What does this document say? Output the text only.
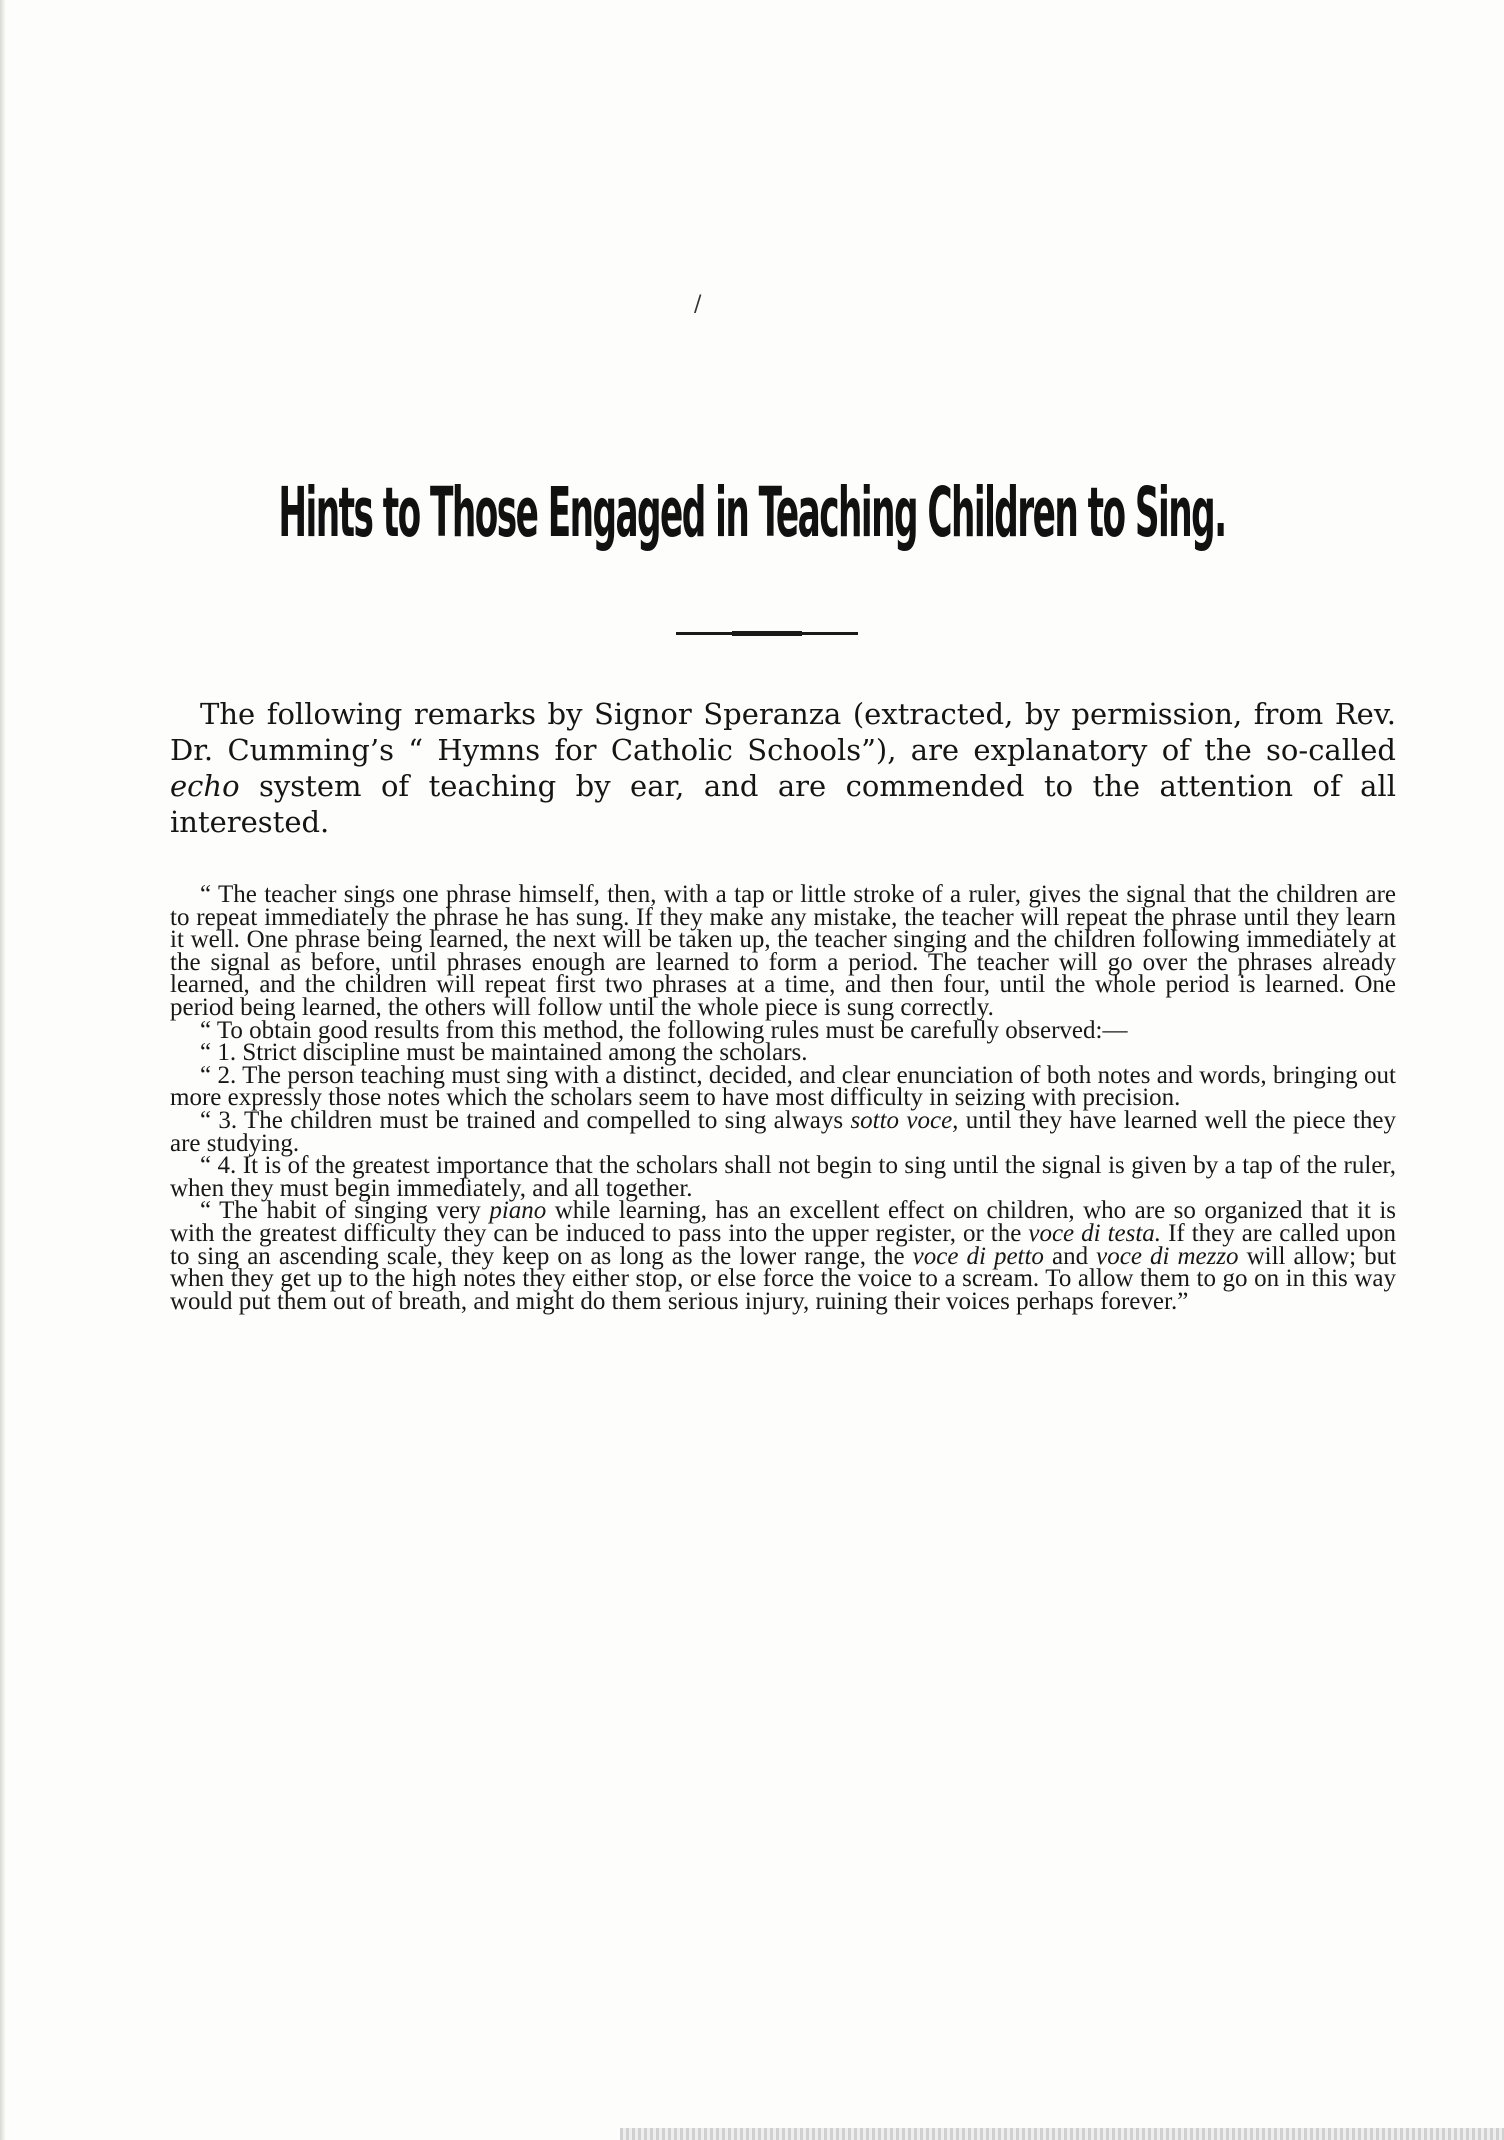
/
Hints to Those Engaged in Teaching Children to Sing.
The following remarks by Signor Speranza (extracted, by permission, from Rev. Dr. Cumming’s “ Hymns for Catholic Schools”), are explanatory of the so-called echo system of teaching by ear, and are commended to the attention of all interested.

“ The teacher sings one phrase himself, then, with a tap or little stroke of a ruler, gives the signal that the children are to repeat immediately the phrase he has sung. If they make any mistake, the teacher will repeat the phrase until they learn it well. One phrase being learned, the next will be taken up, the teacher singing and the children following immediately at the signal as before, until phrases enough are learned to form a period. The teacher will go over the phrases already learned, and the children will repeat first two phrases at a time, and then four, until the whole period is learned. One period being learned, the others will follow until the whole piece is sung correctly.

“ To obtain good results from this method, the following rules must be carefully observed:—

“ 1. Strict discipline must be maintained among the scholars.

“ 2. The person teaching must sing with a distinct, decided, and clear enunciation of both notes and words, bringing out more expressly those notes which the scholars seem to have most difficulty in seizing with precision.

“ 3. The children must be trained and compelled to sing always sotto voce, until they have learned well the piece they are studying.

“ 4. It is of the greatest importance that the scholars shall not begin to sing until the signal is given by a tap of the ruler, when they must begin immediately, and all together.

“ The habit of singing very piano while learning, has an excellent effect on children, who are so organized that it is with the greatest difficulty they can be induced to pass into the upper register, or the voce di testa. If they are called upon to sing an ascending scale, they keep on as long as the lower range, the voce di petto and voce di mezzo will allow; but when they get up to the high notes they either stop, or else force the voice to a scream. To allow them to go on in this way would put them out of breath, and might do them serious injury, ruining their voices perhaps forever.”
